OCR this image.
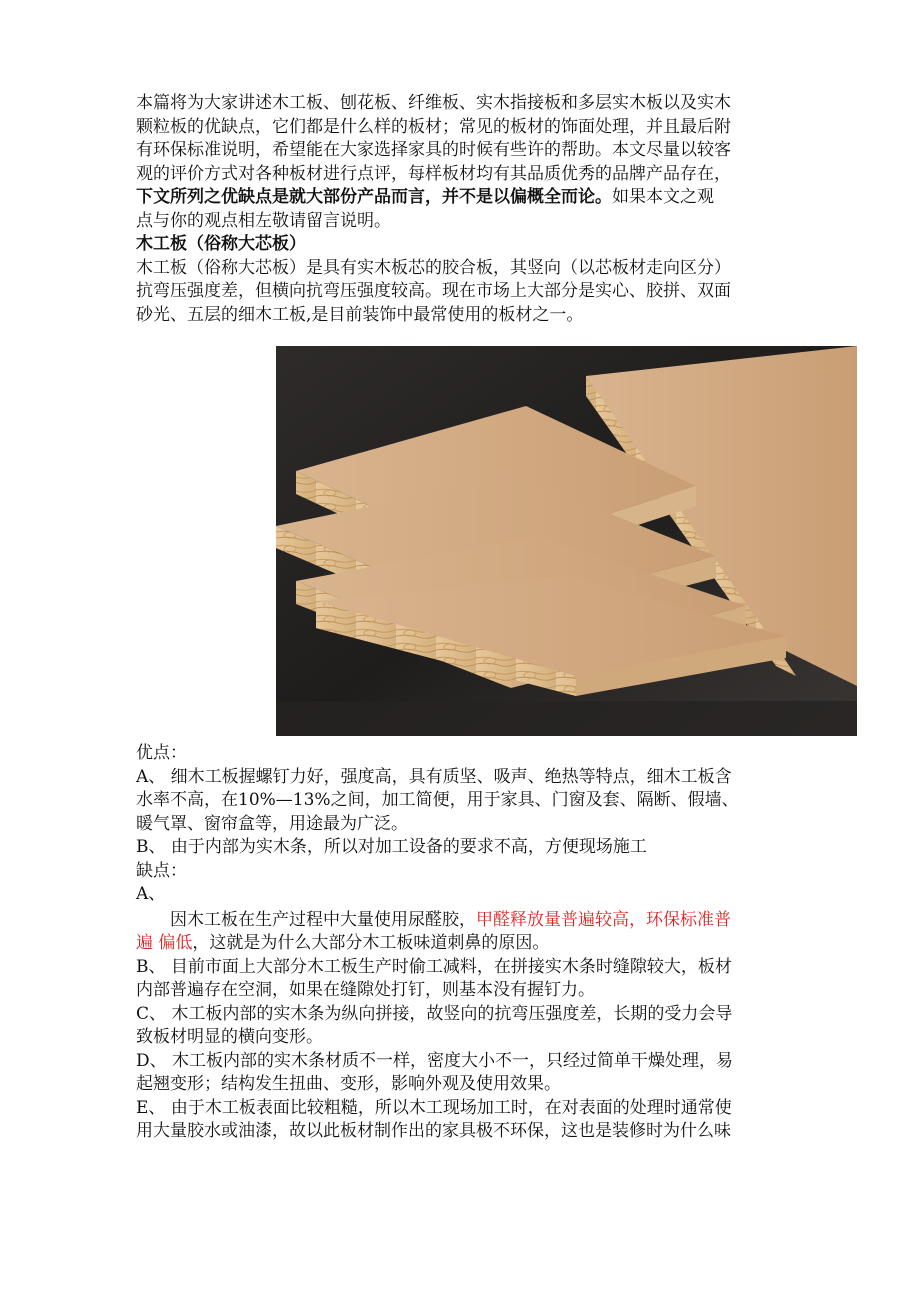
本篇将为大家讲述木工板、刨花板、纤维板、实木指接板和多层实木板以及实木
颗粒板的优缺点，它们都是什么样的板材；常见的板材的饰面处理，并且最后附
有环保标准说明，希望能在大家选择家具的时候有些许的帮助。本文尽量以较客
观的评价方式对各种板材进行点评，每样板材均有其品质优秀的品牌产品存在，
下文所列之优缺点是就大部份产品而言，并不是以偏概全而论。如果本文之观
点与你的观点相左敬请留言说明。
木工板（俗称大芯板）
木工板（俗称大芯板）是具有实木板芯的胶合板，其竖向（以芯板材走向区分）
抗弯压强度差，但横向抗弯压强度较高。现在市场上大部分是实心、胶拼、双面
砂光、五层的细木工板,是目前装饰中最常使用的板材之一。
优点：
A、 细木工板握螺钉力好，强度高，具有质坚、吸声、绝热等特点，细木工板含
水率不高，在10%—13%之间，加工简便，用于家具、门窗及套、隔断、假墙、
暖气罩、窗帘盒等，用途最为广泛。
B、 由于内部为实木条，所以对加工设备的要求不高，方便现场施工
缺点：
A、
因木工板在生产过程中大量使用尿醛胶，甲醛释放量普遍较高，环保标准普
遍 偏低，这就是为什么大部分木工板味道刺鼻的原因。
B、 目前市面上大部分木工板生产时偷工减料，在拼接实木条时缝隙较大，板材
内部普遍存在空洞，如果在缝隙处打钉，则基本没有握钉力。
C、 木工板内部的实木条为纵向拼接，故竖向的抗弯压强度差，长期的受力会导
致板材明显的横向变形。
D、 木工板内部的实木条材质不一样，密度大小不一，只经过简单干燥处理，易
起翘变形；结构发生扭曲、变形，影响外观及使用效果。
E、 由于木工板表面比较粗糙，所以木工现场加工时，在对表面的处理时通常使
用大量胶水或油漆，故以此板材制作出的家具极不环保，这也是装修时为什么味
